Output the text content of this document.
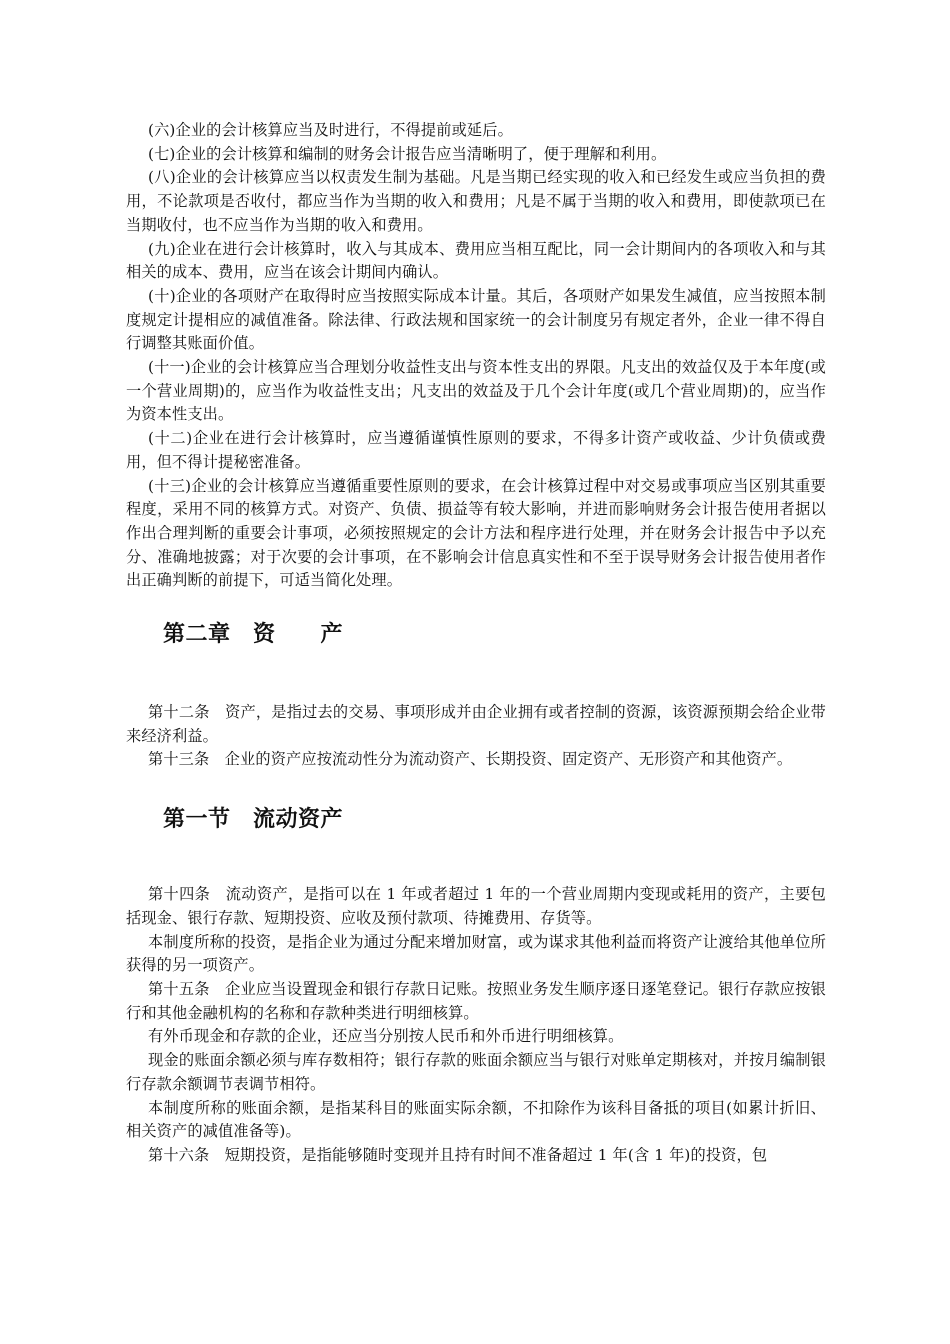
(六)企业的会计核算应当及时进行，不得提前或延后。

(七)企业的会计核算和编制的财务会计报告应当清晰明了，便于理解和利用。

(八)企业的会计核算应当以权责发生制为基础。凡是当期已经实现的收入和已经发生或应当负担的费用，不论款项是否收付，都应当作为当期的收入和费用；凡是不属于当期的收入和费用，即使款项已在当期收付，也不应当作为当期的收入和费用。

(九)企业在进行会计核算时，收入与其成本、费用应当相互配比，同一会计期间内的各项收入和与其相关的成本、费用，应当在该会计期间内确认。

(十)企业的各项财产在取得时应当按照实际成本计量。其后，各项财产如果发生减值，应当按照本制度规定计提相应的减值准备。除法律、行政法规和国家统一的会计制度另有规定者外，企业一律不得自行调整其账面价值。

(十一)企业的会计核算应当合理划分收益性支出与资本性支出的界限。凡支出的效益仅及于本年度(或一个营业周期)的，应当作为收益性支出；凡支出的效益及于几个会计年度(或几个营业周期)的，应当作为资本性支出。

(十二)企业在进行会计核算时，应当遵循谨慎性原则的要求，不得多计资产或收益、少计负债或费用，但不得计提秘密准备。

(十三)企业的会计核算应当遵循重要性原则的要求，在会计核算过程中对交易或事项应当区别其重要程度，采用不同的核算方式。对资产、负债、损益等有较大影响，并进而影响财务会计报告使用者据以作出合理判断的重要会计事项，必须按照规定的会计方法和程序进行处理，并在财务会计报告中予以充分、准确地披露；对于次要的会计事项，在不影响会计信息真实性和不至于误导财务会计报告使用者作出正确判断的前提下，可适当简化处理。

第二章　资　　产

第十二条　资产，是指过去的交易、事项形成并由企业拥有或者控制的资源，该资源预期会给企业带来经济利益。

第十三条　企业的资产应按流动性分为流动资产、长期投资、固定资产、无形资产和其他资产。

第一节　流动资产

第十四条　流动资产，是指可以在 1 年或者超过 1 年的一个营业周期内变现或耗用的资产，主要包括现金、银行存款、短期投资、应收及预付款项、待摊费用、存货等。

本制度所称的投资，是指企业为通过分配来增加财富，或为谋求其他利益而将资产让渡给其他单位所获得的另一项资产。

第十五条　企业应当设置现金和银行存款日记账。按照业务发生顺序逐日逐笔登记。银行存款应按银行和其他金融机构的名称和存款种类进行明细核算。

有外币现金和存款的企业，还应当分别按人民币和外币进行明细核算。

现金的账面余额必须与库存数相符；银行存款的账面余额应当与银行对账单定期核对，并按月编制银行存款余额调节表调节相符。

本制度所称的账面余额，是指某科目的账面实际余额，不扣除作为该科目备抵的项目(如累计折旧、相关资产的减值准备等)。

第十六条　短期投资，是指能够随时变现并且持有时间不准备超过 1 年(含 1 年)的投资，包
